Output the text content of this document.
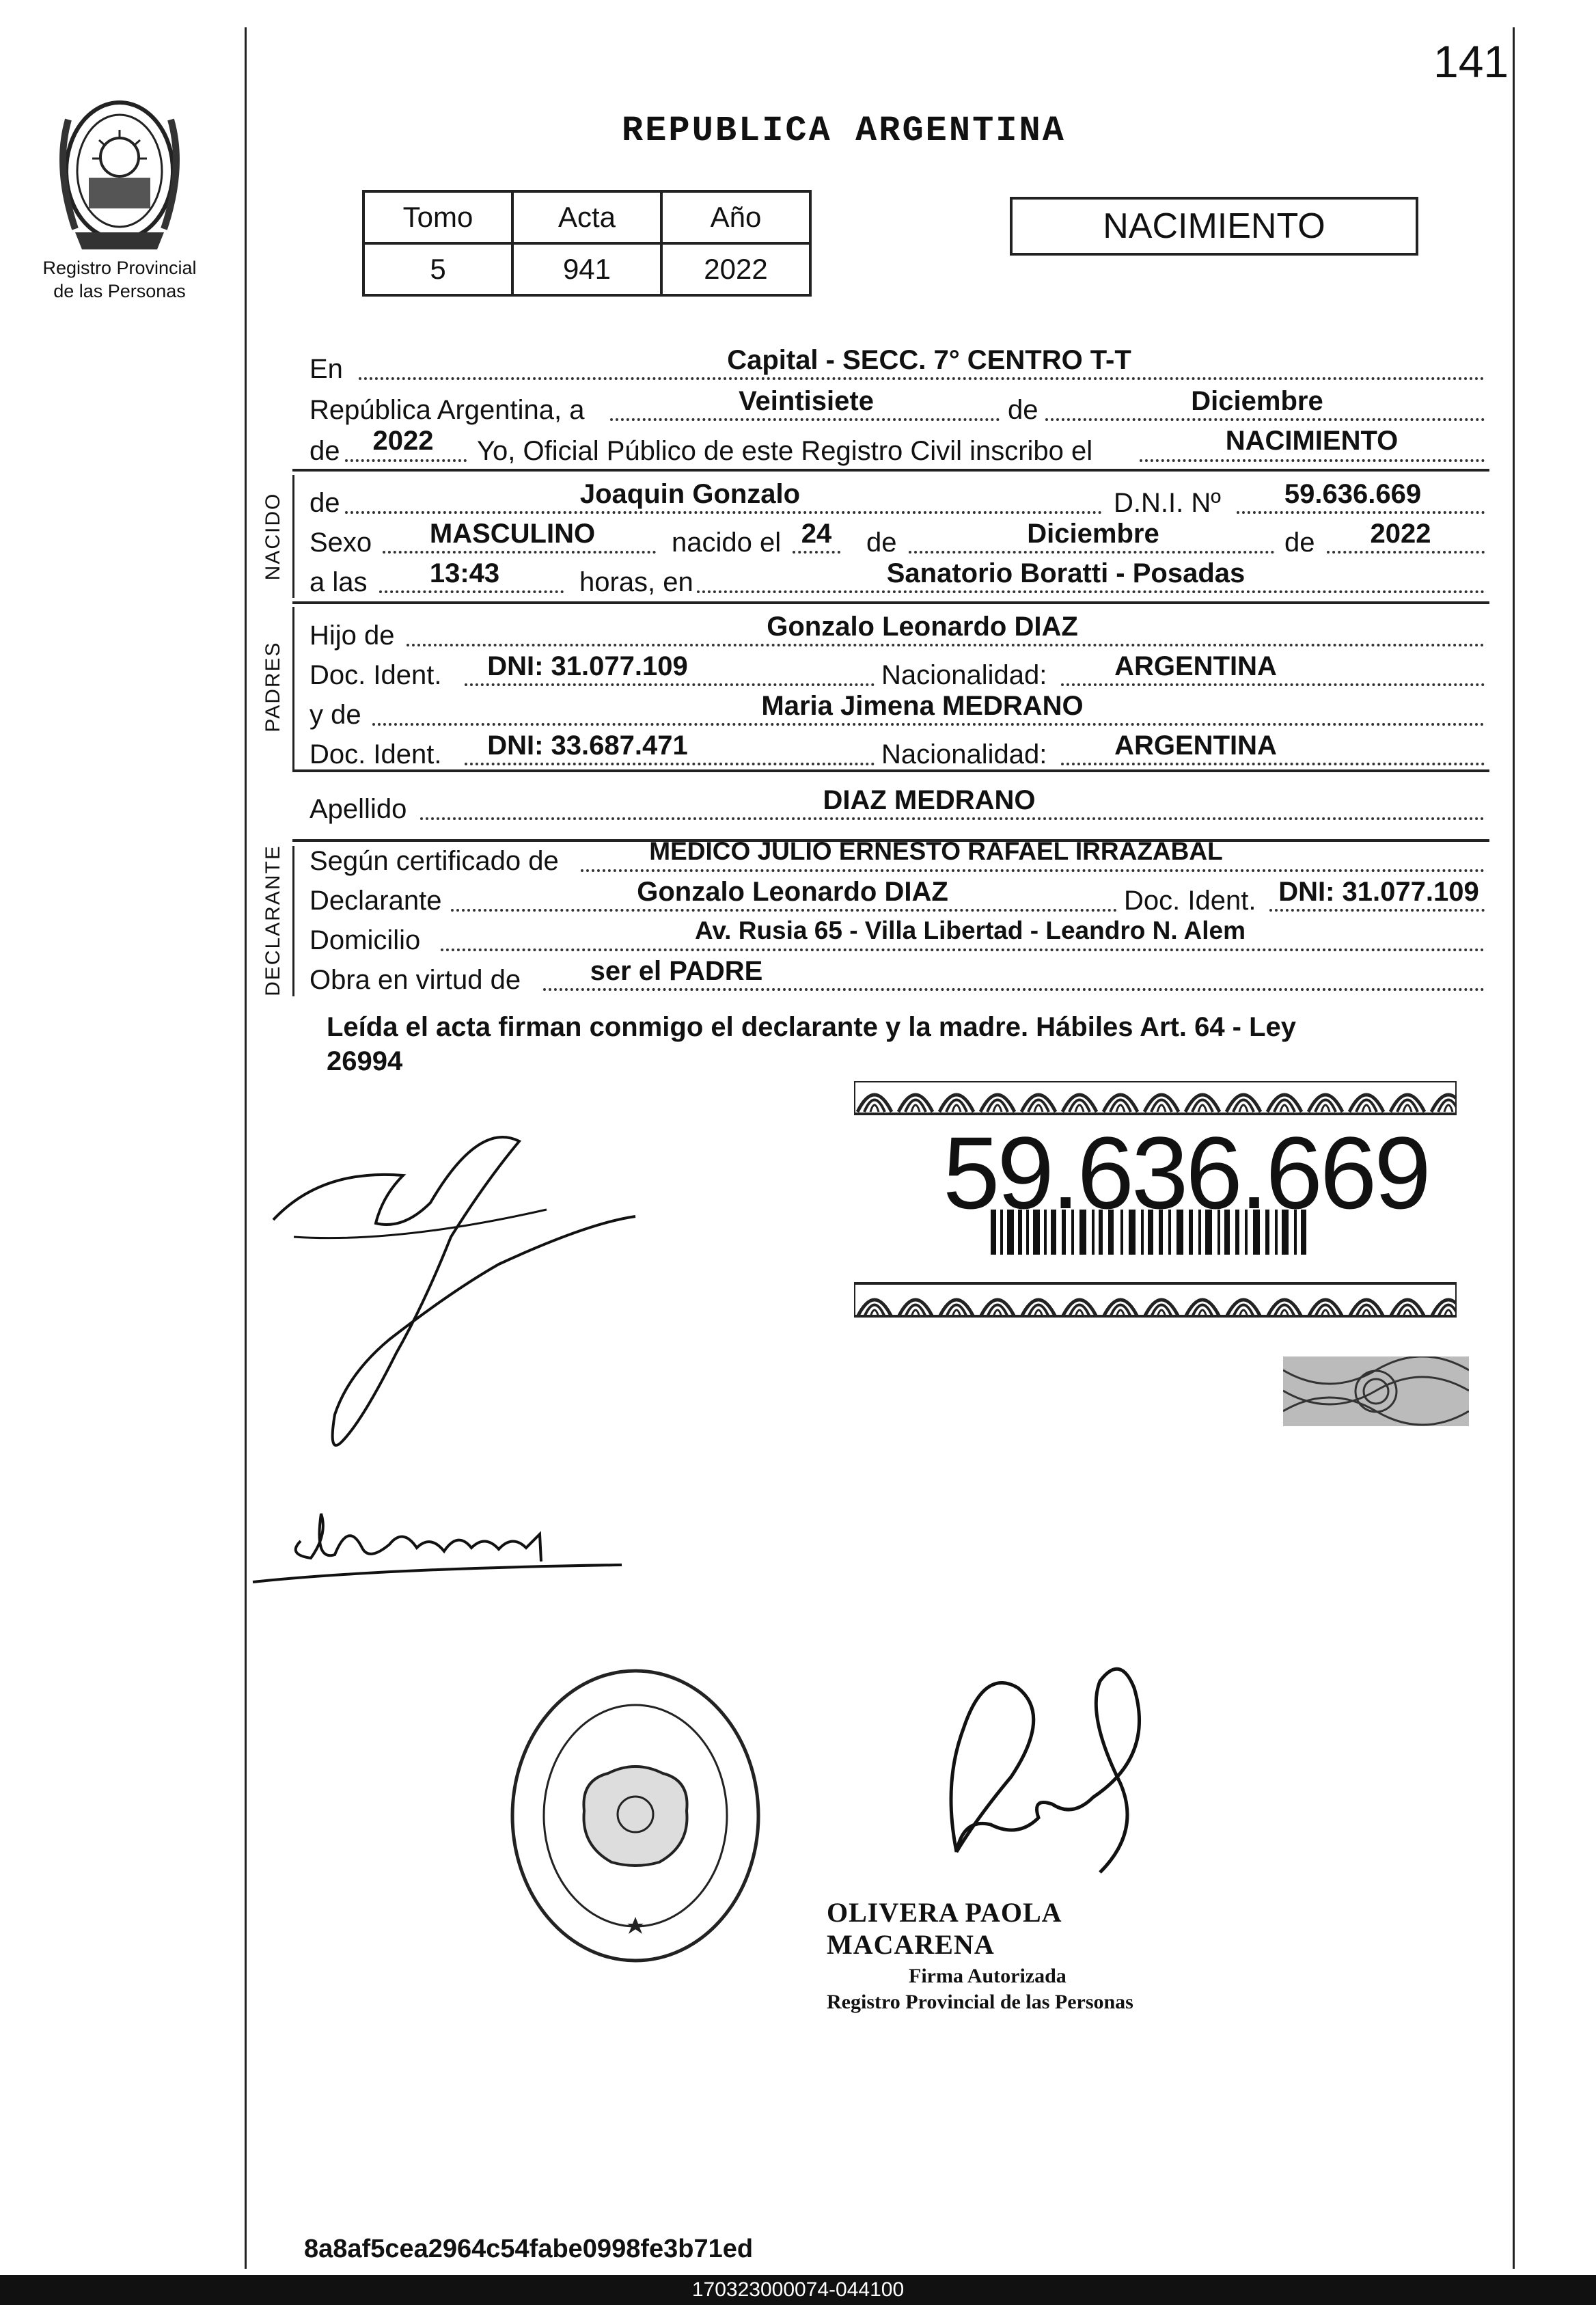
141
Registro Provincial
de las Personas
REPUBLICA ARGENTINA
Tomo	Acta	Año
5	941	2022
NACIMIENTO
En	Capital - SECC. 7° CENTRO T-T
República Argentina, a	Veintisiete	de	Diciembre
de	2022	Yo, Oficial Público de este Registro Civil inscribo el	NACIMIENTO
NACIDO de	Joaquin Gonzalo	D.N.I. Nº	59.636.669
Sexo	MASCULINO	nacido el 24	de	Diciembre	de	2022
a las	13:43	horas, en	Sanatorio Boratti - Posadas
PADRES
Hijo de	Gonzalo Leonardo DIAZ
Doc. Ident.	DNI: 31.077.109	Nacionalidad:	ARGENTINA
y de	Maria Jimena MEDRANO
Doc. Ident.	DNI: 33.687.471	Nacionalidad:	ARGENTINA
Apellido	DIAZ MEDRANO
DECLARANTE Según certificado de	MEDICO JULIO ERNESTO RAFAEL IRRAZABAL
Declarante	Gonzalo Leonardo DIAZ	Doc. Ident. DNI: 31.077.109
Domicilio	Av. Rusia 65 - Villa Libertad - Leandro N. Alem
Obra en virtud de	ser el PADRE
Leída el acta firman conmigo el declarante y la madre. Hábiles Art. 64 - Ley
26994
59.636.669
OLIVERA PAOLA MACARENA
Firma Autorizada
Registro Provincial de las Personas
8a8af5cea2964c54fabe0998fe3b71ed
170323000074-044100
